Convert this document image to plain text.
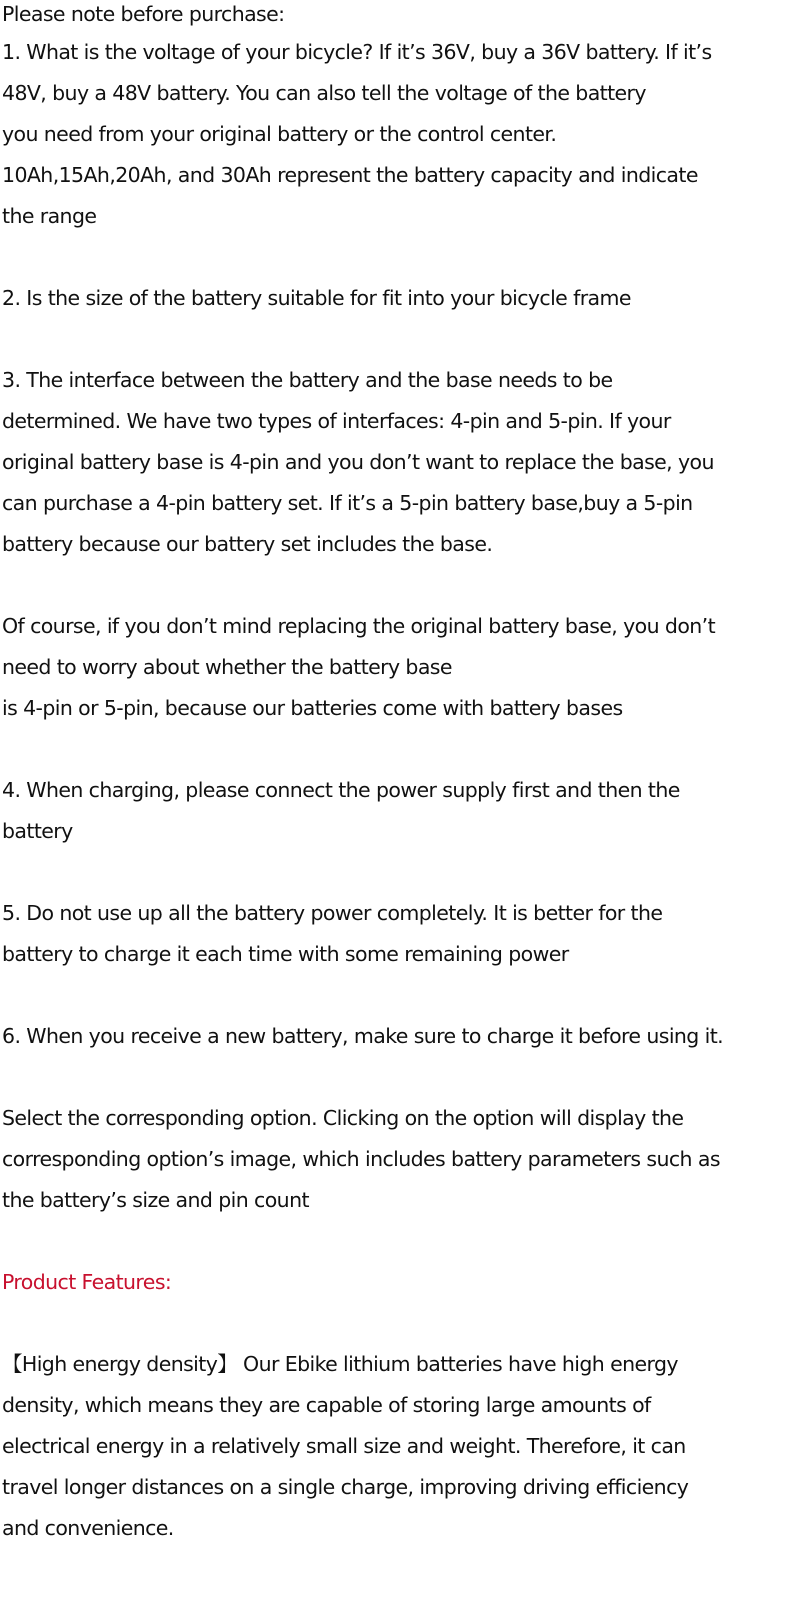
Please note before purchase:

1. What is the voltage of your bicycle? If it’s 36V, buy a 36V battery. If it’s

48V, buy a 48V battery. You can also tell the voltage of the battery

you need from your original battery or the control center.

10Ah,15Ah,20Ah, and 30Ah represent the battery capacity and indicate

the range

2. Is the size of the battery suitable for fit into your bicycle frame

3. The interface between the battery and the base needs to be

determined. We have two types of interfaces: 4-pin and 5-pin. If your

original battery base is 4-pin and you don’t want to replace the base, you

can purchase a 4-pin battery set. If it’s a 5-pin battery base,buy a 5-pin

battery because our battery set includes the base.

Of course, if you don’t mind replacing the original battery base, you don’t

need to worry about whether the battery base

is 4-pin or 5-pin, because our batteries come with battery bases

4. When charging, please connect the power supply first and then the

battery

5. Do not use up all the battery power completely. It is better for the

battery to charge it each time with some remaining power

6. When you receive a new battery, make sure to charge it before using it.

Select the corresponding option. Clicking on the option will display the

corresponding option’s image, which includes battery parameters such as

the battery’s size and pin count

Product Features:

【High energy density】 Our Ebike lithium batteries have high energy

density, which means they are capable of storing large amounts of

electrical energy in a relatively small size and weight. Therefore, it can

travel longer distances on a single charge, improving driving efficiency

and convenience.
